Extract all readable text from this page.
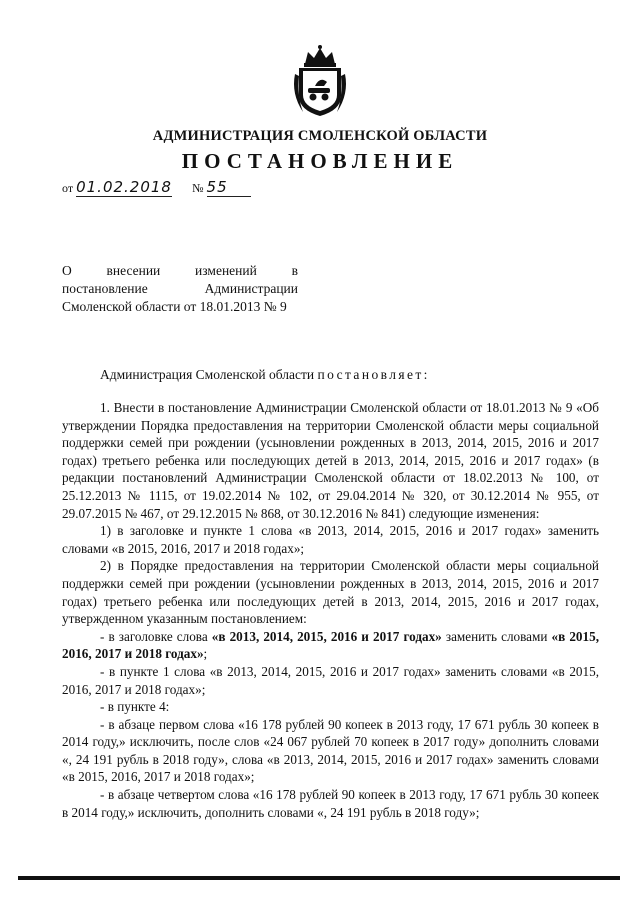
АДМИНИСТРАЦИЯ СМОЛЕНСКОЙ ОБЛАСТИ
ПОСТАНОВЛЕНИЕ
от 01.02.2018 № 55
О внесении изменений в
постановление Администрации Смоленской области от 18.01.2013 № 9
Администрация Смоленской области постановляет:

1. Внести в постановление Администрации Смоленской области от 18.01.2013 № 9 «Об утверждении Порядка предоставления на территории Смоленской области меры социальной поддержки семей при рождении (усыновлении рожденных в 2013, 2014, 2015, 2016 и 2017 годах) третьего ребенка или последующих детей в 2013, 2014, 2015, 2016 и 2017 годах» (в редакции постановлений Администрации Смоленской области от 18.02.2013 № 100, от 25.12.2013 № 1115, от 19.02.2014 № 102, от 29.04.2014 № 320, от 30.12.2014 № 955, от 29.07.2015 № 467, от 29.12.2015 № 868, от 30.12.2016 № 841) следующие изменения:

1) в заголовке и пункте 1 слова «в 2013, 2014, 2015, 2016 и 2017 годах» заменить словами «в 2015, 2016, 2017 и 2018 годах»;

2) в Порядке предоставления на территории Смоленской области меры социальной поддержки семей при рождении (усыновлении рожденных в 2013, 2014, 2015, 2016 и 2017 годах) третьего ребенка или последующих детей в 2013, 2014, 2015, 2016 и 2017 годах, утвержденном указанным постановлением:

- в заголовке слова «в 2013, 2014, 2015, 2016 и 2017 годах» заменить словами «в 2015, 2016, 2017 и 2018 годах»;

- в пункте 1 слова «в 2013, 2014, 2015, 2016 и 2017 годах» заменить словами «в 2015, 2016, 2017 и 2018 годах»;

- в пункте 4:

- в абзаце первом слова «16 178 рублей 90 копеек в 2013 году, 17 671 рубль 30 копеек в 2014 году,» исключить, после слов «24 067 рублей 70 копеек в 2017 году» дополнить словами «, 24 191 рубль в 2018 году», слова «в 2013, 2014, 2015, 2016 и 2017 годах» заменить словами «в 2015, 2016, 2017 и 2018 годах»;

- в абзаце четвертом слова «16 178 рублей 90 копеек в 2013 году, 17 671 рубль 30 копеек в 2014 году,» исключить, дополнить словами «, 24 191 рубль в 2018 году»;
